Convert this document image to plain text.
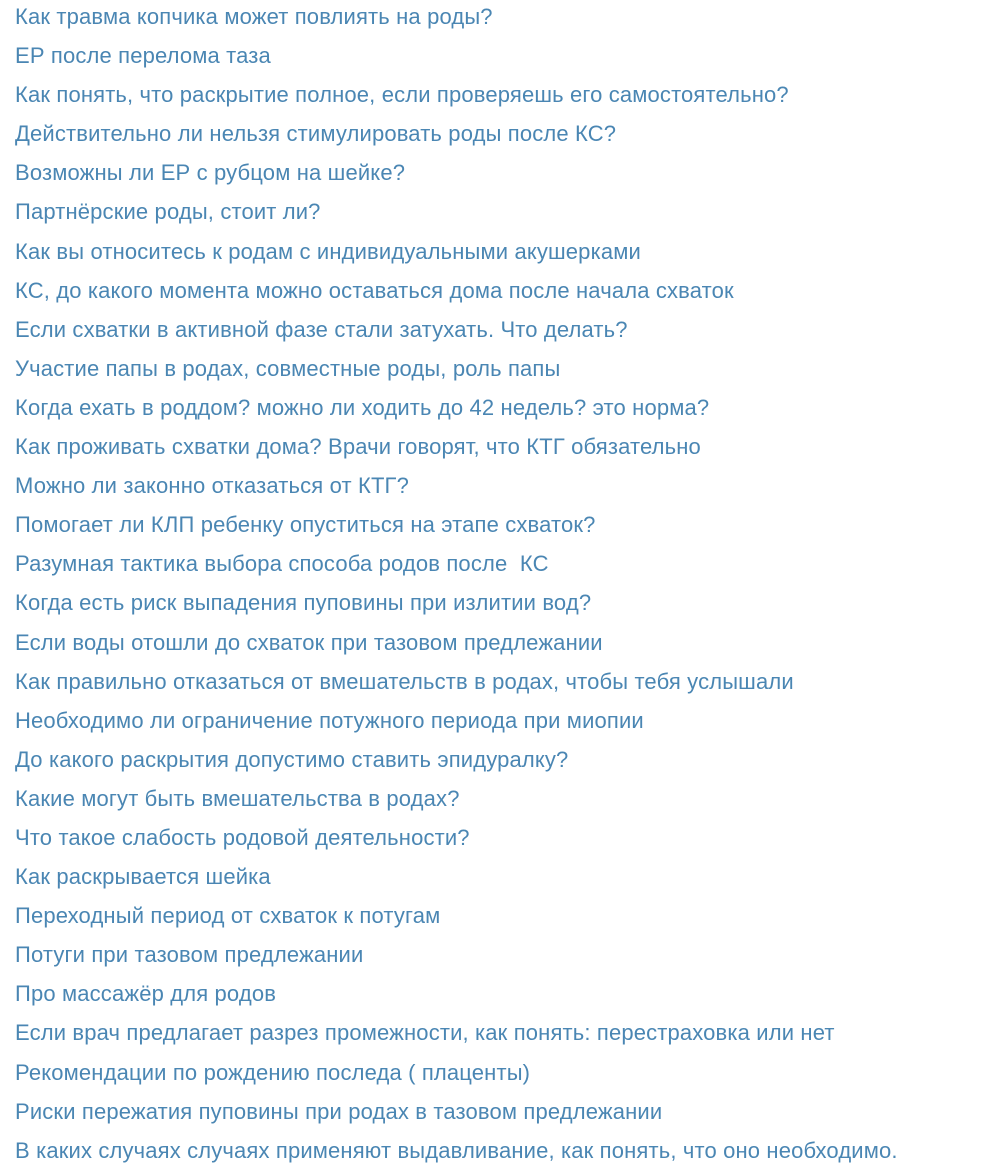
Как травма копчика может повлиять на роды?
ЕР после перелома таза
Как понять, что раскрытие полное, если проверяешь его самостоятельно?
Действительно ли нельзя стимулировать роды после КС?
Возможны ли ЕР с рубцом на шейке?
Партнёрские роды, стоит ли?
Как вы относитесь к родам с индивидуальными акушерками
КС, до какого момента можно оставаться дома после начала схваток
Если схватки в активной фазе стали затухать. Что делать?
Участие папы в родах, совместные роды, роль папы
Когда ехать в роддом? можно ли ходить до 42 недель? это норма?
Как проживать схватки дома? Врачи говорят, что КТГ обязательно
Можно ли законно отказаться от КТГ?
Помогает ли КЛП ребенку опуститься на этапе схваток?
Разумная тактика выбора способа родов после  КС
Когда есть риск выпадения пуповины при излитии вод?
Если воды отошли до схваток при тазовом предлежании
Как правильно отказаться от вмешательств в родах, чтобы тебя услышали
Необходимо ли ограничение потужного периода при миопии
До какого раскрытия допустимо ставить эпидуралку?
Какие могут быть вмешательства в родах?
Что такое слабость родовой деятельности?
Как раскрывается шейка
Переходный период от схваток к потугам
Потуги при тазовом предлежании
Про массажёр для родов
Если врач предлагает разрез промежности, как понять: перестраховка или нет
Рекомендации по рождению последа ( плаценты)
Риски пережатия пуповины при родах в тазовом предлежании
В каких случаях случаях применяют выдавливание, как понять, что оно необходимо.
